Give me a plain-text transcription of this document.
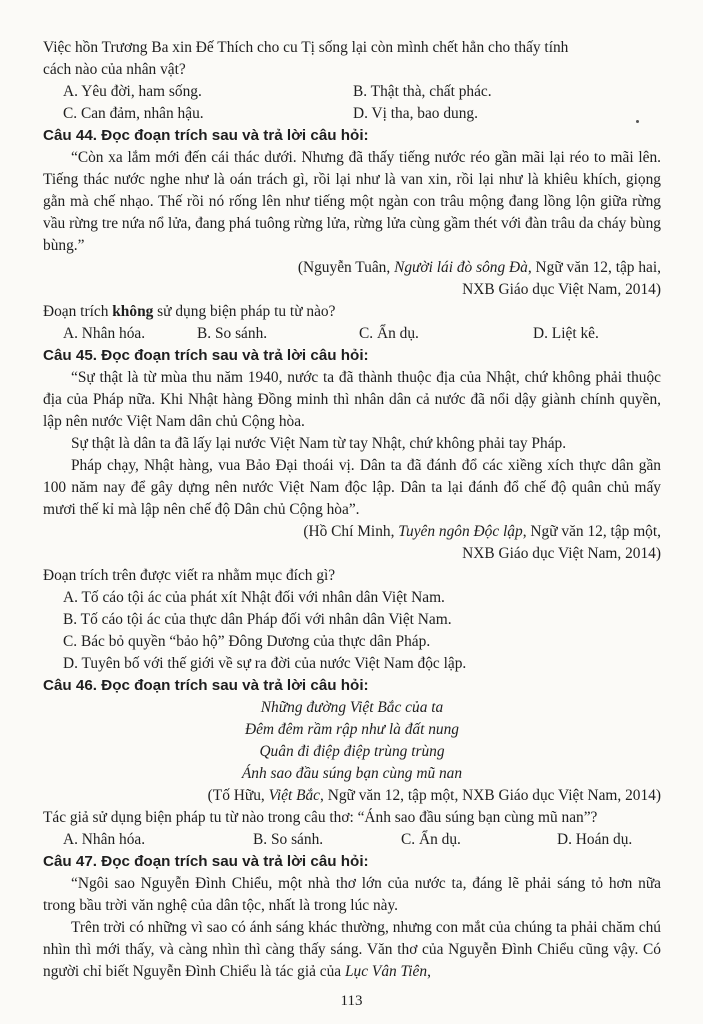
Việc hồn Trương Ba xin Đế Thích cho cu Tị sống lại còn mình chết hẳn cho thấy tính

cách nào của nhân vật?

A. Yêu đời, ham sống.	B. Thật thà, chất phác.
C. Can đảm, nhân hậu.	D. Vị tha, bao dung.

Câu 44. Đọc đoạn trích sau và trả lời câu hỏi:

“Còn xa lắm mới đến cái thác dưới. Nhưng đã thấy tiếng nước réo gần mãi lại réo to mãi lên. Tiếng thác nước nghe như là oán trách gì, rồi lại như là van xin, rồi lại như là khiêu khích, giọng gằn mà chế nhạo. Thế rồi nó rống lên như tiếng một ngàn con trâu mộng đang lồng lộn giữa rừng vầu rừng tre nứa nổ lửa, đang phá tuông rừng lửa, rừng lửa cùng gầm thét với đàn trâu da cháy bùng bùng.”

(Nguyễn Tuân, Người lái đò sông Đà, Ngữ văn 12, tập hai,

NXB Giáo dục Việt Nam, 2014)

Đoạn trích không sử dụng biện pháp tu từ nào?

A. Nhân hóa.	B. So sánh.	C. Ẩn dụ.	D. Liệt kê.

Câu 45. Đọc đoạn trích sau và trả lời câu hỏi:

“Sự thật là từ mùa thu năm 1940, nước ta đã thành thuộc địa của Nhật, chứ không phải thuộc địa của Pháp nữa. Khi Nhật hàng Đồng minh thì nhân dân cả nước đã nổi dậy giành chính quyền, lập nên nước Việt Nam dân chủ Cộng hòa.

Sự thật là dân ta đã lấy lại nước Việt Nam từ tay Nhật, chứ không phải tay Pháp.

Pháp chạy, Nhật hàng, vua Bảo Đại thoái vị. Dân ta đã đánh đổ các xiềng xích thực dân gần 100 năm nay để gây dựng nên nước Việt Nam độc lập. Dân ta lại đánh đổ chế độ quân chủ mấy mươi thế kỉ mà lập nên chế độ Dân chủ Cộng hòa”.

(Hồ Chí Minh, Tuyên ngôn Độc lập, Ngữ văn 12, tập một,

NXB Giáo dục Việt Nam, 2014)

Đoạn trích trên được viết ra nhằm mục đích gì?

A. Tố cáo tội ác của phát xít Nhật đối với nhân dân Việt Nam.

B. Tố cáo tội ác của thực dân Pháp đối với nhân dân Việt Nam.

C. Bác bỏ quyền “bảo hộ” Đông Dương của thực dân Pháp.

D. Tuyên bố với thế giới về sự ra đời của nước Việt Nam độc lập.

Câu 46. Đọc đoạn trích sau và trả lời câu hỏi:

Những đường Việt Bắc của ta

Đêm đêm rầm rập như là đất nung

Quân đi điệp điệp trùng trùng

Ánh sao đầu súng bạn cùng mũ nan

(Tố Hữu, Việt Bắc, Ngữ văn 12, tập một, NXB Giáo dục Việt Nam, 2014)

Tác giả sử dụng biện pháp tu từ nào trong câu thơ: “Ánh sao đầu súng bạn cùng mũ nan”?

A. Nhân hóa.	B. So sánh.	C. Ẩn dụ.	D. Hoán dụ.

Câu 47. Đọc đoạn trích sau và trả lời câu hỏi:

“Ngôi sao Nguyễn Đình Chiểu, một nhà thơ lớn của nước ta, đáng lẽ phải sáng tỏ hơn nữa trong bầu trời văn nghệ của dân tộc, nhất là trong lúc này.

Trên trời có những vì sao có ánh sáng khác thường, nhưng con mắt của chúng ta phải chăm chú nhìn thì mới thấy, và càng nhìn thì càng thấy sáng. Văn thơ của Nguyễn Đình Chiểu cũng vậy. Có người chỉ biết Nguyễn Đình Chiểu là tác giả của Lục Vân Tiên,

113
